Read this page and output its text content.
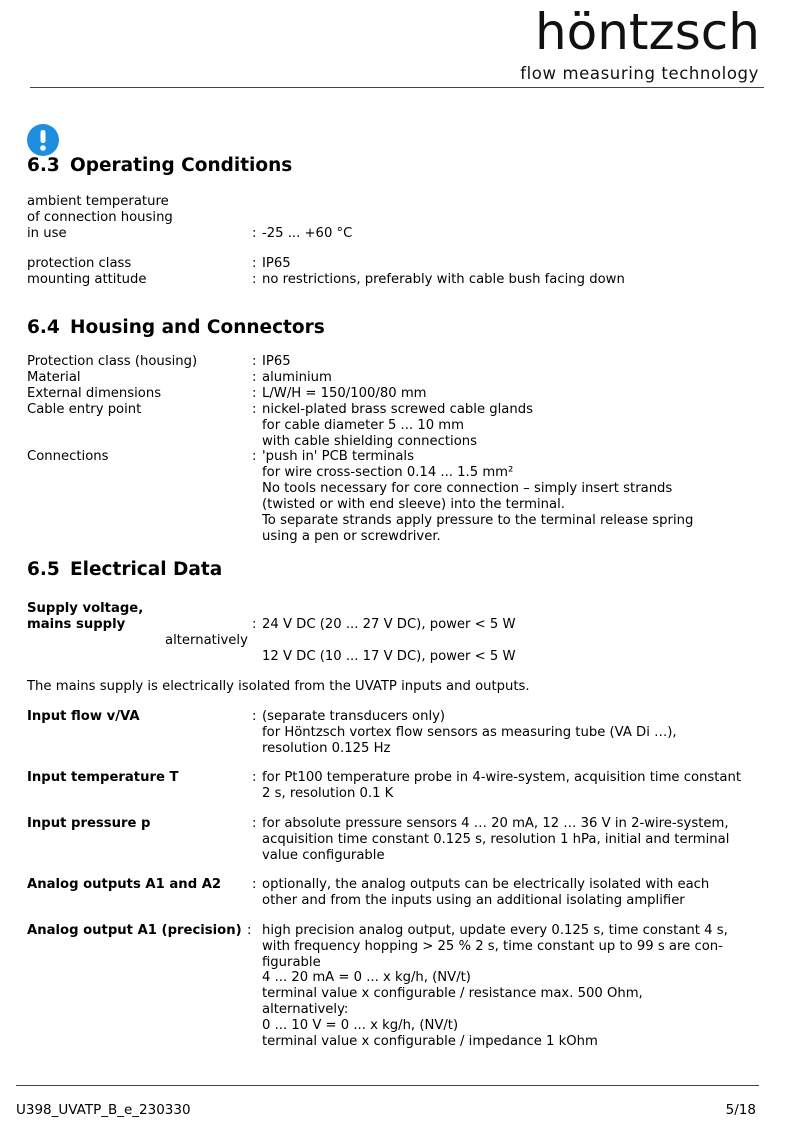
höntzsch
flow measuring technology
6.3 Operating Conditions
ambient temperature
of connection housing
in use	: -25 ... +60 °C
protection class	: IP65
mounting attitude	: no restrictions, preferably with cable bush facing down
6.4 Housing and Connectors
Protection class (housing)	: IP65
Material	: aluminium
External dimensions	: L/W/H = 150/100/80 mm
Cable entry point	: nickel-plated brass screwed cable glands
for cable diameter 5 ... 10 mm
with cable shielding connections
Connections	: 'push in' PCB terminals
for wire cross-section 0.14 ... 1.5 mm²
No tools necessary for core connection – simply insert strands
(twisted or with end sleeve) into the terminal.
To separate strands apply pressure to the terminal release spring
using a pen or screwdriver.
6.5 Electrical Data
Supply voltage,
mains supply	: 24 V DC (20 ... 27 V DC), power < 5 W
alternatively
12 V DC (10 ... 17 V DC), power < 5 W
The mains supply is electrically isolated from the UVATP inputs and outputs.
Input flow v/VA	: (separate transducers only)
for Höntzsch vortex flow sensors as measuring tube (VA Di …),
resolution 0.125 Hz
Input temperature T	: for Pt100 temperature probe in 4-wire-system, acquisition time constant
2 s, resolution 0.1 K
Input pressure p	: for absolute pressure sensors 4 … 20 mA, 12 … 36 V in 2-wire-system,
acquisition time constant 0.125 s, resolution 1 hPa, initial and terminal
value configurable
Analog outputs A1 and A2 : optionally, the analog outputs can be electrically isolated with each
other and from the inputs using an additional isolating amplifier
Analog output A1 (precision) : high precision analog output, update every 0.125 s, time constant 4 s,
with frequency hopping > 25 % 2 s, time constant up to 99 s are con-
figurable
4 ... 20 mA = 0 ... x kg/h, (NV/t)
terminal value x configurable / resistance max. 500 Ohm,
alternatively:
0 ... 10 V = 0 ... x kg/h, (NV/t)
terminal value x configurable / impedance 1 kOhm
U398_UVATP_B_e_230330	5/18
